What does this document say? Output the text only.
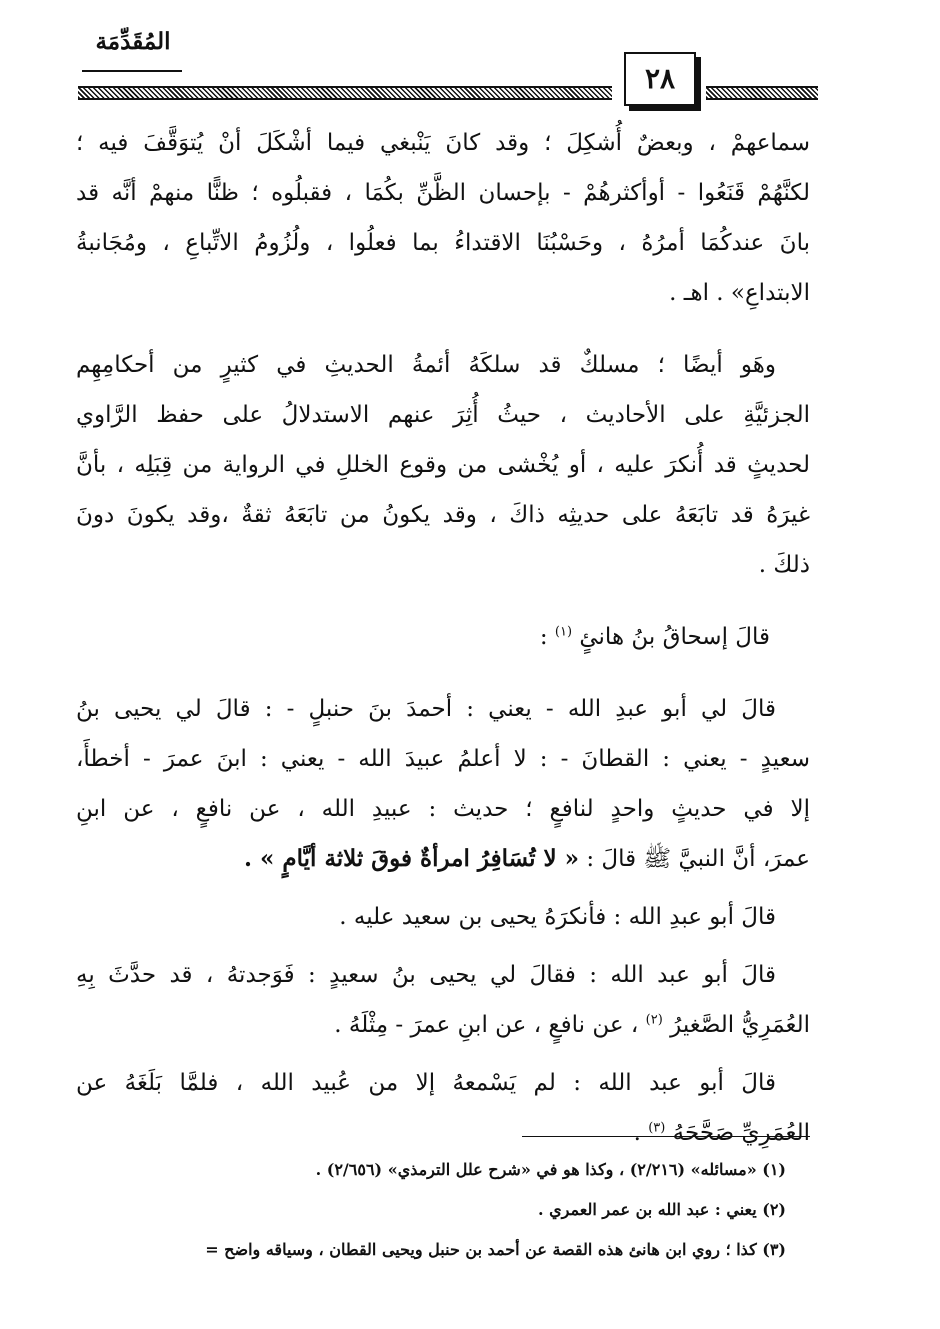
المُقَدِّمَة
٢٨
سماعهمْ ، وبعضٌ أُشكِلَ ؛ وقد كانَ يَنْبغي فيما أشْكَلَ أنْ يُتوَقَّفَ فيه ؛
لكنَّهُمْ قَنَعُوا - أوأكثرهُمْ - بإحسان الظَّنِّ بكُمَا ، فقبلُوه ؛ ظنًّا منهمْ أنَّه قد
بانَ عندكُمَا أمرُهُ ، وحَسْبُنَا الاقتداءُ بما فعلُوا ، ولُزُومُ الاتِّباعِ ، ومُجَانبةُ
الابتداعِ» . اهـ .
وهَو أيضًا ؛ مسلكٌ قد سلكَهُ أئمةُ الحديثِ في كثيرٍ من أحكامِهِم
الجزئيَّةِ على الأحاديث ، حيثُ أُثِرَ عنهم الاستدلالُ على حفظ الرَّاوي
لحديثٍ قد أُنكرَ عليه ، أو يُخْشى من وقوع الخللِ في الرواية من قِبَلِه ، بأنَّ
غيرَهُ قد تابَعَهُ على حديثِه ذاكَ ، وقد يكونُ من تابَعَهُ ثقةٌ ،وقد يكونَ دونَ
ذلكَ .
قالَ إسحاقُ بنُ هانئٍ $^{(١)}$ :
قالَ لي أبو عبدِ الله - يعني : أحمدَ بنَ حنبلٍ - : قالَ لي يحيى بنُ
سعيدٍ - يعني : القطانَ - : لا أعلمُ عبيدَ الله - يعني : ابنَ عمرَ - أخطأَ،
إلا في حديثٍ واحدٍ لنافعٍ ؛ حديث : عبيدِ الله ، عن نافعٍ ، عن ابنِ
عمرَ، أنَّ النبيَّ ﷺ قالَ : « لا تُسَافِرُ امرأةٌ فوقَ ثلاثة أيَّامٍ » .
قالَ أبو عبدِ الله : فأنكرَهُ يحيى بن سعيد عليه .
قالَ أبو عبد الله : فقالَ لي يحيى بنُ سعيدٍ : فَوَجدتهُ ، قد حدَّثَ بِهِ
العُمَرِيُّ الصَّغيرُ $^{(٢)}$ ، عن نافعٍ ، عن ابنِ عمرَ - مِثْلَهُ .
قالَ أبو عبد الله : لم يَسْمعهُ إلا من عُبيد الله ، فلمَّا بَلَغَهُ عن
العُمَرِيِّ صَحَّحَهُ $^{(٣)}$ .
(١) «مسائله» (٢/٢١٦) ، وكذا هو في «شرح علل الترمذي» (٢/٦٥٦) .
(٢) يعني : عبد الله بن عمر العمري .
(٣) كذا ؛ روي ابن هانئ هذه القصة عن أحمد بن حنبل ويحيى القطان ، وسياقه واضح =
